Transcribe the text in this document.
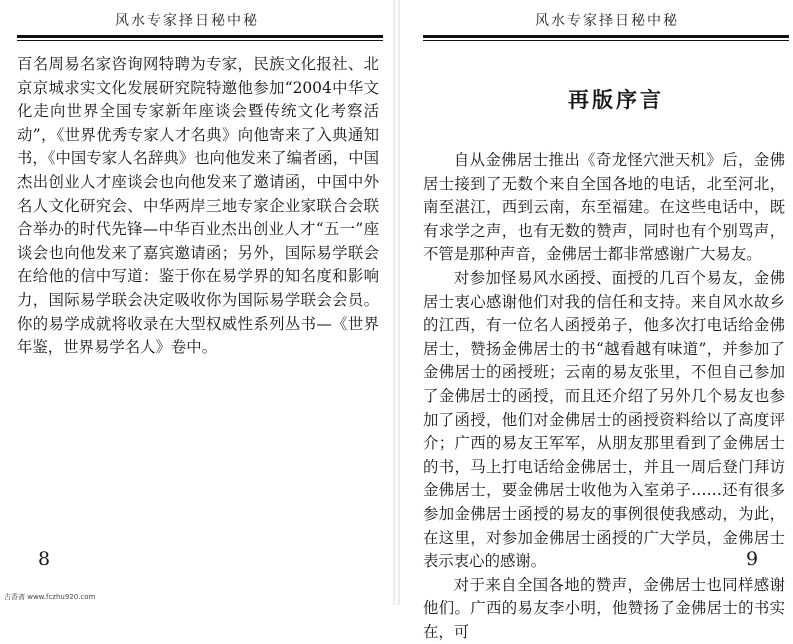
风水专家择日秘中秘

百名周易名家咨询网特聘为专家，民族文化报社、北京京城求实文化发展研究院特邀他参加“2004中华文化走向世界全国专家新年座谈会暨传统文化考察活动”，《世界优秀专家人才名典》向他寄来了入典通知书，《中国专家人名辞典》也向他发来了编者函，中国杰出创业人才座谈会也向他发来了邀请函，中国中外名人文化研究会、中华两岸三地专家企业家联合会联合举办的时代先锋—中华百业杰出创业人才“五一”座谈会也向他发来了嘉宾邀请函；另外，国际易学联会在给他的信中写道：鉴于你在易学界的知名度和影响力，国际易学联会决定吸收你为国际易学联会会员。你的易学成就将收录在大型权威性系列丛书—《世界年鉴，世界易学名人》卷中。

8
古香斋 www.fczhu920.com
风水专家择日秘中秘
再版序言

自从金佛居士推出《奇龙怪穴泄天机》后，金佛居士接到了无数个来自全国各地的电话，北至河北，南至湛江，西到云南，东至福建。在这些电话中，既有求学之声，也有无数的赞声，同时也有个别骂声，不管是那种声音，金佛居士都非常感谢广大易友。

对参加怪易风水函授、面授的几百个易友，金佛居士衷心感谢他们对我的信任和支持。来自风水故乡的江西，有一位名人函授弟子，他多次打电话给金佛居士，赞扬金佛居士的书“越看越有味道”，并参加了金佛居士的函授班；云南的易友张里，不但自己参加了金佛居士的函授，而且还介绍了另外几个易友也参加了函授，他们对金佛居士的函授资料给以了高度评介；广西的易友王军军，从朋友那里看到了金佛居士的书，马上打电话给金佛居士，并且一周后登门拜访金佛居士，要金佛居士收他为入室弟子……还有很多参加金佛居士函授的易友的事例很使我感动，为此，在这里，对参加金佛居士函授的广大学员，金佛居士表示衷心的感谢。

对于来自全国各地的赞声，金佛居士也同样感谢他们。广西的易友李小明，他赞扬了金佛居士的书实在，可

9
